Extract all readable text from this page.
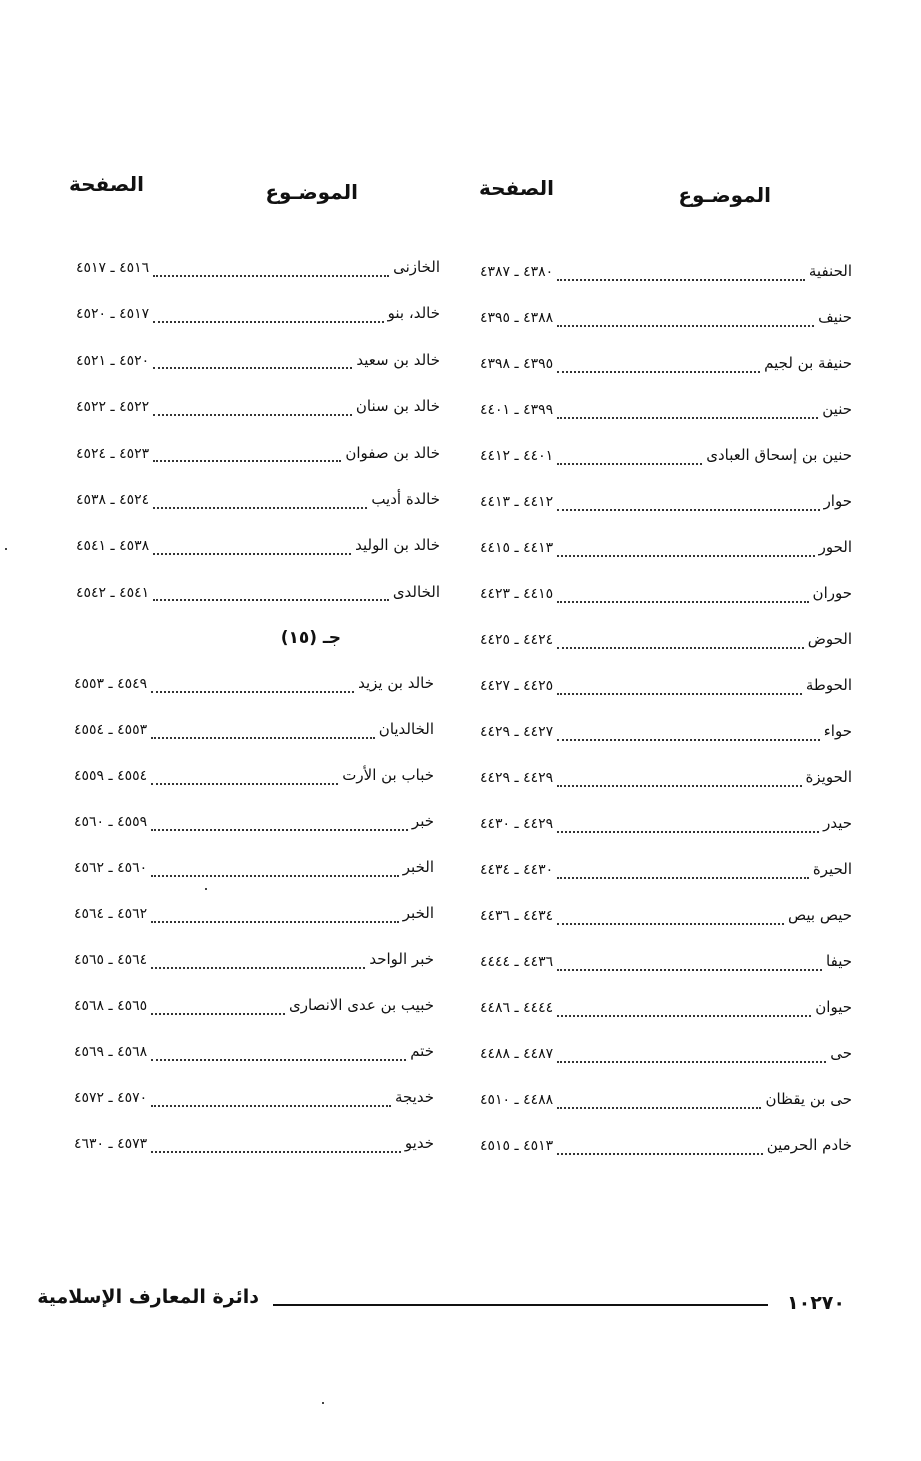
الموضـوع
الصفحة
الموضـوع
الصفحة
الحنفية
٤٣٨٠ ـ ٤٣٨٧
حنيف
٤٣٨٨ ـ ٤٣٩٥
حنيفة بن لجيم
٤٣٩٥ ـ ٤٣٩٨
حنين
٤٣٩٩ ـ ٤٤٠١
حنين بن إسحاق العبادى
٤٤٠١ ـ ٤٤١٢
حوار
٤٤١٢ ـ ٤٤١٣
الحور
٤٤١٣ ـ ٤٤١٥
حوران
٤٤١٥ ـ ٤٤٢٣
الحوض
٤٤٢٤ ـ ٤٤٢٥
الحوطة
٤٤٢٥ ـ ٤٤٢٧
حواء
٤٤٢٧ ـ ٤٤٢٩
الحويزة
٤٤٢٩ ـ ٤٤٢٩
حيدر
٤٤٢٩ ـ ٤٤٣٠
الحيرة
٤٤٣٠ ـ ٤٤٣٤
حيص بيص
٤٤٣٤ ـ ٤٤٣٦
حيفا
٤٤٣٦ ـ ٤٤٤٤
حيوان
٤٤٤٤ ـ ٤٤٨٦
حى
٤٤٨٧ ـ ٤٤٨٨
حى بن يقظان
٤٤٨٨ ـ ٤٥١٠
خادم الحرمين
٤٥١٣ ـ ٤٥١٥
الخازنى
٤٥١٦ ـ ٤٥١٧
خالد، بنو
٤٥١٧ ـ ٤٥٢٠
خالد بن سعيد
٤٥٢٠ ـ ٤٥٢١
خالد بن سنان
٤٥٢٢ ـ ٤٥٢٢
خالد بن صفوان
٤٥٢٣ ـ ٤٥٢٤
خالدة أديب
٤٥٢٤ ـ ٤٥٣٨
خالد بن الوليد
٤٥٣٨ ـ ٤٥٤١
الخالدى
٤٥٤١ ـ ٤٥٤٢
جـ (١٥)
خالد بن يزيد
٤٥٤٩ ـ ٤٥٥٣
الخالديان
٤٥٥٣ ـ ٤٥٥٤
خباب بن الأرت
٤٥٥٤ ـ ٤٥٥٩
خبر
٤٥٥٩ ـ ٤٥٦٠
الخبر
٤٥٦٠ ـ ٤٥٦٢
الخبر
٤٥٦٢ ـ ٤٥٦٤
خبر الواحد
٤٥٦٤ ـ ٤٥٦٥
خبيب بن عدى الانصارى
٤٥٦٥ ـ ٤٥٦٨
ختم
٤٥٦٨ ـ ٤٥٦٩
خديجة
٤٥٧٠ ـ ٤٥٧٢
خديو
٤٥٧٣ ـ ٤٦٣٠
١٠٢٧٠
دائرة المعارف الإسلامية
